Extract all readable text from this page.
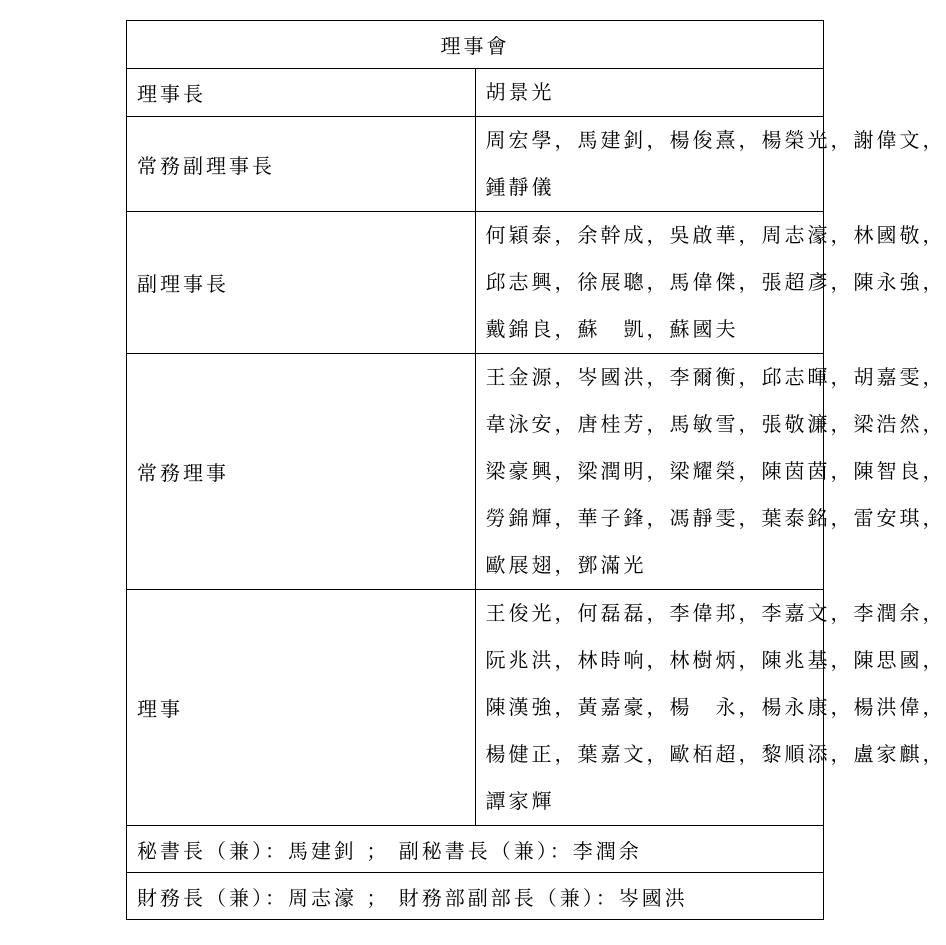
理事會	
理事長	胡景光

常務副理事長	周宏學，馬建釗，楊俊熹，楊榮光，謝偉文，
鍾靜儀

副理事長	何穎泰，余幹成，吳啟華，周志濠，林國敬，
邱志興，徐展聰，馬偉傑，張超彥，陳永強，
戴錦良，蘇　凱，蘇國夫

常務理事	王金源，岑國洪，李爾衡，邱志暉，胡嘉雯，
韋泳安，唐桂芳，馬敏雪，張敬濂，梁浩然，
梁豪興，梁潤明，梁耀榮，陳茵茵，陳智良，
勞錦輝，華子鋒，馮靜雯，葉泰銘，雷安琪，
歐展翅，鄧滿光

理事	王俊光，何磊磊，李偉邦，李嘉文，李潤余，
阮兆洪，林時响，林樹炳，陳兆基，陳思國，
陳漢強，黃嘉豪，楊　永，楊永康，楊洪偉，
楊健正，葉嘉文，歐栢超，黎順添，盧家麒，
譚家輝

秘書長（兼）：馬建釗 ； 副秘書長（兼）：李潤余	
財務長（兼）：周志濠 ； 財務部副部長（兼）：岑國洪	
